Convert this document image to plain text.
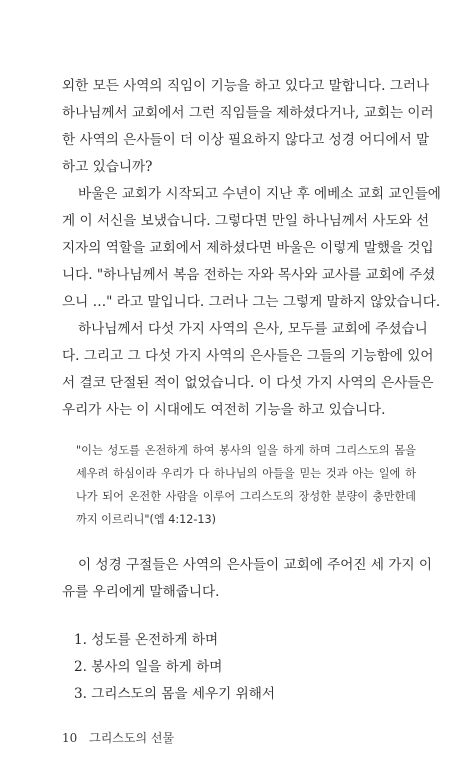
외한 모든 사역의 직임이 기능을 하고 있다고 말합니다. 그러나
하나님께서 교회에서 그런 직임들을 제하셨다거나, 교회는 이러
한 사역의 은사들이 더 이상 필요하지 않다고 성경 어디에서 말
하고 있습니까?
바울은 교회가 시작되고 수년이 지난 후 에베소 교회 교인들에
게 이 서신을 보냈습니다. 그렇다면 만일 하나님께서 사도와 선
지자의 역할을 교회에서 제하셨다면 바울은 이렇게 말했을 것입
니다. "하나님께서 복음 전하는 자와 목사와 교사를 교회에 주셨
으니 …" 라고 말입니다. 그러나 그는 그렇게 말하지 않았습니다.
하나님께서 다섯 가지 사역의 은사, 모두를 교회에 주셨습니
다. 그리고 그 다섯 가지 사역의 은사들은 그들의 기능함에 있어
서 결코 단절된 적이 없었습니다. 이 다섯 가지 사역의 은사들은
우리가 사는 이 시대에도 여전히 기능을 하고 있습니다.
"이는 성도를 온전하게 하여 봉사의 일을 하게 하며 그리스도의 몸을
세우려 하심이라 우리가 다 하나님의 아들을 믿는 것과 아는 일에 하
나가 되어 온전한 사람을 이루어 그리스도의 장성한 분량이 충만한데
까지 이르리니"(엡 4:12-13)
이 성경 구절들은 사역의 은사들이 교회에 주어진 세 가지 이
유를 우리에게 말해줍니다.
1. 성도를 온전하게 하며
2. 봉사의 일을 하게 하며
3. 그리스도의 몸을 세우기 위해서
10 그리스도의 선물
